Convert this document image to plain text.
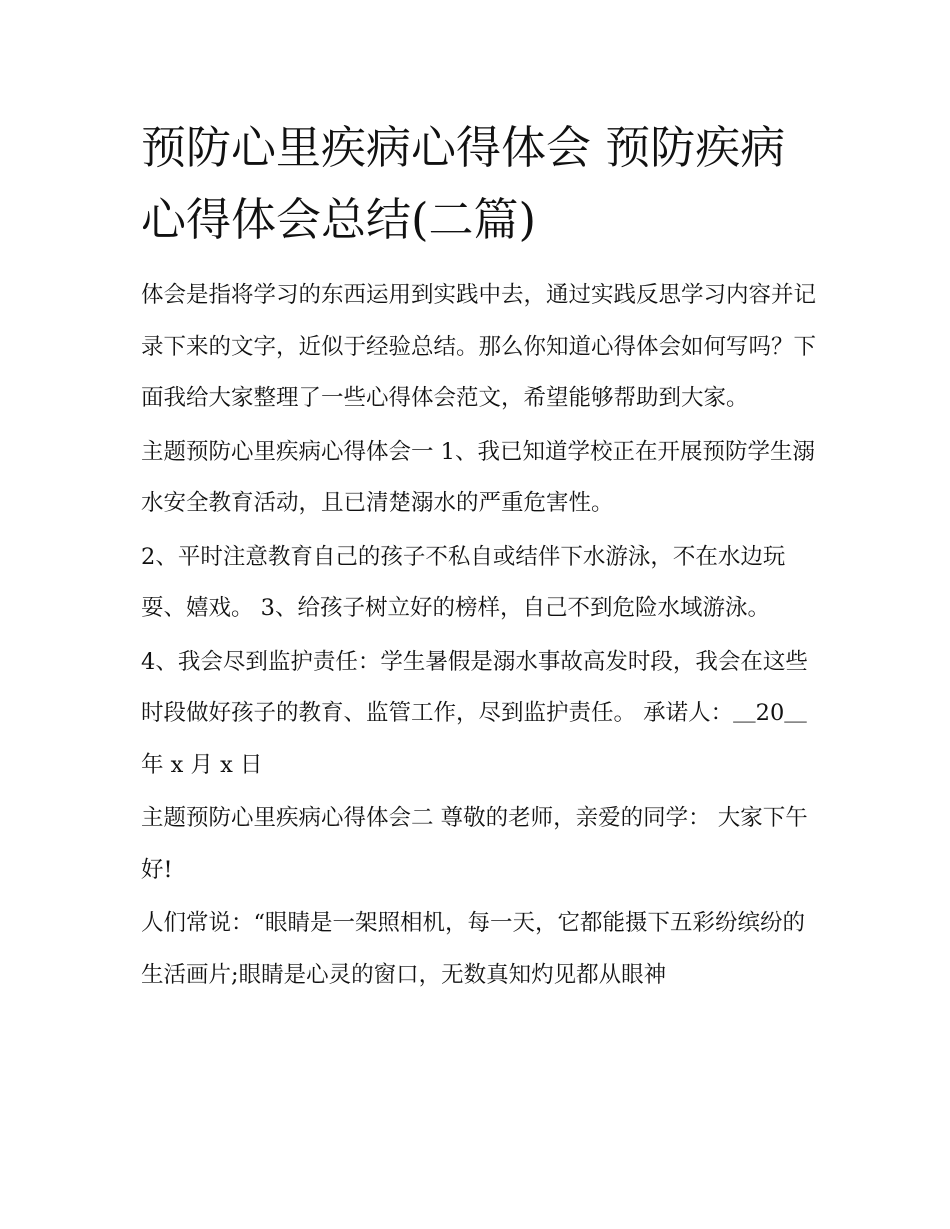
预防心里疾病心得体会 预防疾病心得体会总结(二篇)

体会是指将学习的东西运用到实践中去，通过实践反思学习内容并记录下来的文字，近似于经验总结。那么你知道心得体会如何写吗？下面我给大家整理了一些心得体会范文，希望能够帮助到大家。

主题预防心里疾病心得体会一 1、我已知道学校正在开展预防学生溺水安全教育活动，且已清楚溺水的严重危害性。

2、平时注意教育自己的孩子不私自或结伴下水游泳，不在水边玩耍、嬉戏。 3、给孩子树立好的榜样，自己不到危险水域游泳。

4、我会尽到监护责任：学生暑假是溺水事故高发时段，我会在这些时段做好孩子的教育、监管工作，尽到监护责任。 承诺人：＿20＿年 x 月 x 日

主题预防心里疾病心得体会二 尊敬的老师，亲爱的同学： 大家下午好!

人们常说：“眼睛是一架照相机，每一天，它都能摄下五彩纷缤纷的生活画片;眼睛是心灵的窗口，无数真知灼见都从眼神
